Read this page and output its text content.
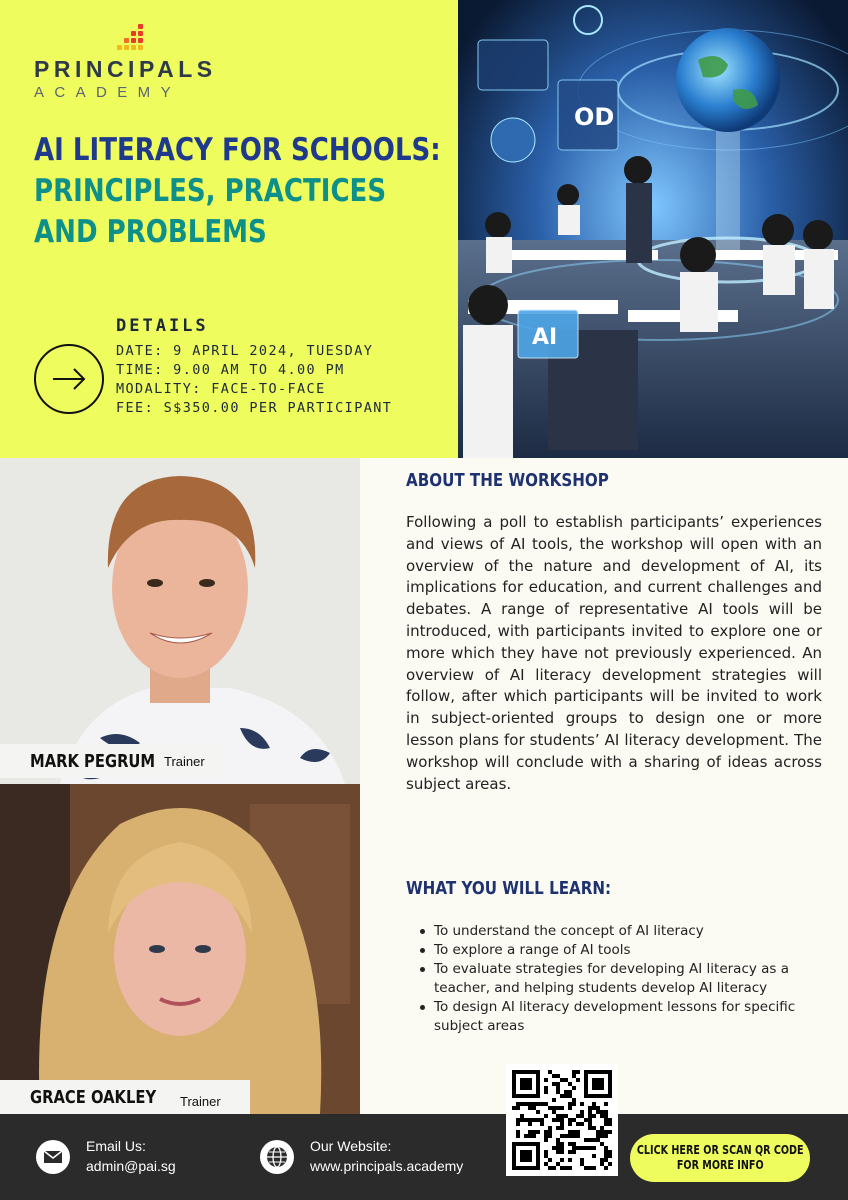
PRINCIPALS
ACADEMY
AI LITERACY FOR SCHOOLS:
PRINCIPLES, PRACTICES
AND PROBLEMS
DETAILS
DATE: 9 APRIL 2024, TUESDAY
TIME: 9.00 AM TO 4.00 PM
MODALITY: FACE-TO-FACE
FEE: S$350.00 PER PARTICIPANT
OD
AI
MARK PEGRUM Trainer
GRACE OAKLEY Trainer
ABOUT THE WORKSHOP

Following a poll to establish participants’ experiences and views of AI tools, the workshop will open with an overview of the nature and development of AI, its implications for education, and current challenges and debates. A range of representative AI tools will be introduced, with participants invited to explore one or more which they have not previously experienced. An overview of AI literacy development strategies will follow, after which participants will be invited to work in subject-oriented groups to design one or more lesson plans for students’ AI literacy development. The workshop will conclude with a sharing of ideas across subject areas.

WHAT YOU WILL LEARN:
To understand the concept of AI literacy
To explore a range of AI tools
To evaluate strategies for developing AI literacy as a teacher, and helping students develop AI literacy
To design AI literacy development lessons for specific subject areas
Email Us:
admin@pai.sg
Our Website:
www.principals.academy
CLICK HERE OR SCAN QR CODE
FOR MORE INFO
